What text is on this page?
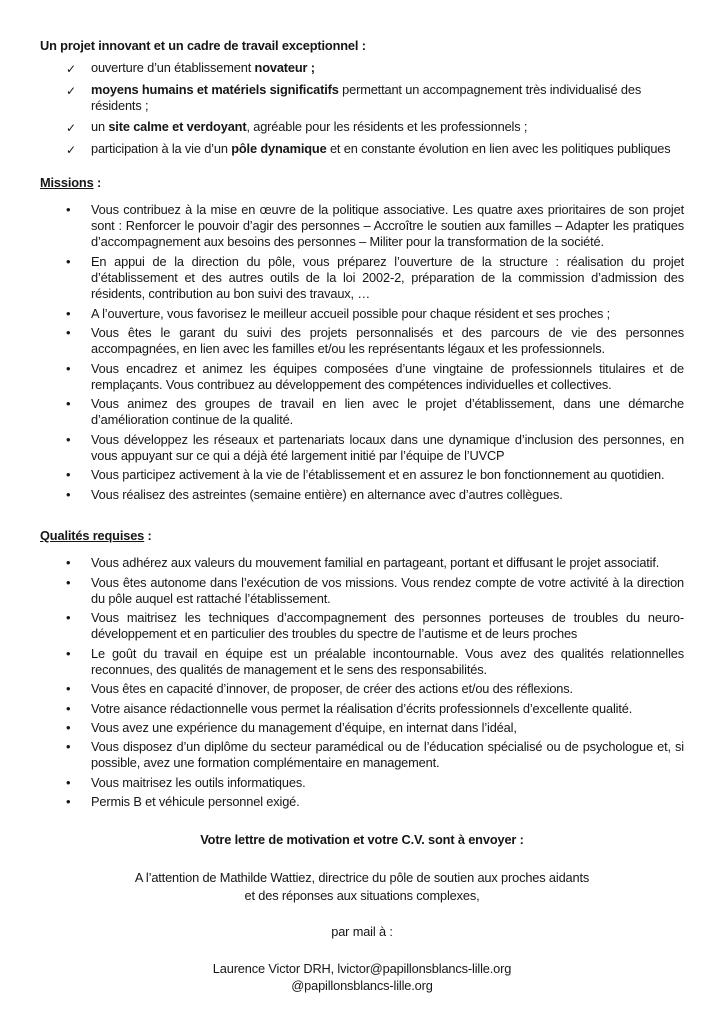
Un projet innovant et un cadre de travail exceptionnel :

✓	ouverture d’un établissement novateur ;
✓	moyens humains et matériels significatifs permettant un accompagnement très individualisé des résidents ;
✓	un site calme et verdoyant, agréable pour les résidents et les professionnels ;
✓	participation à la vie d’un pôle dynamique et en constante évolution en lien avec les politiques publiques

Missions :

•	Vous contribuez à la mise en œuvre de la politique associative. Les quatre axes prioritaires de son projet sont : Renforcer le pouvoir d’agir des personnes – Accroître le soutien aux familles – Adapter les pratiques d’accompagnement aux besoins des personnes – Militer pour la transformation de la société.
•	En appui de la direction du pôle, vous préparez l’ouverture de la structure : réalisation du projet d’établissement et des autres outils de la loi 2002-2, préparation de la commission d’admission des résidents, contribution au bon suivi des travaux, …
•	A l’ouverture, vous favorisez le meilleur accueil possible pour chaque résident et ses proches ;
•	Vous êtes le garant du suivi des projets personnalisés et des parcours de vie des personnes accompagnées, en lien avec les familles et/ou les représentants légaux et les professionnels.
•	Vous encadrez et animez les équipes composées d’une vingtaine de professionnels titulaires et de remplaçants. Vous contribuez au développement des compétences individuelles et collectives.
•	Vous animez des groupes de travail en lien avec le projet d’établissement, dans une démarche d’amélioration continue de la qualité.
•	Vous développez les réseaux et partenariats locaux dans une dynamique d’inclusion des personnes, en vous appuyant sur ce qui a déjà été largement initié par l’équipe de l’UVCP
•	Vous participez activement à la vie de l’établissement et en assurez le bon fonctionnement au quotidien.
•	Vous réalisez des astreintes (semaine entière) en alternance avec d’autres collègues.

Qualités requises :

•	Vous adhérez aux valeurs du mouvement familial en partageant, portant et diffusant le projet associatif.
•	Vous êtes autonome dans l’exécution de vos missions. Vous rendez compte de votre activité à la direction du pôle auquel est rattaché l’établissement.
•	Vous maitrisez les techniques d’accompagnement des personnes porteuses de troubles du neuro-développement et en particulier des troubles du spectre de l’autisme et de leurs proches
•	Le goût du travail en équipe est un préalable incontournable. Vous avez des qualités relationnelles reconnues, des qualités de management et le sens des responsabilités.
•	Vous êtes en capacité d’innover, de proposer, de créer des actions et/ou des réflexions.
•	Votre aisance rédactionnelle vous permet la réalisation d’écrits professionnels d’excellente qualité.
•	Vous avez une expérience du management d’équipe, en internat dans l’idéal,
•	Vous disposez d’un diplôme du secteur paramédical ou de l’éducation spécialisé ou de psychologue et, si possible, avez une formation complémentaire en management.
•	Vous maitrisez les outils informatiques.
•	Permis B et véhicule personnel exigé.

Votre lettre de motivation et votre C.V. sont à envoyer :

A l’attention de Mathilde Wattiez, directrice du pôle de soutien aux proches aidants
et des réponses aux situations complexes,

par mail à :

Laurence Victor DRH, lvictor@papillonsblancs-lille.org
@papillonsblancs-lille.org
